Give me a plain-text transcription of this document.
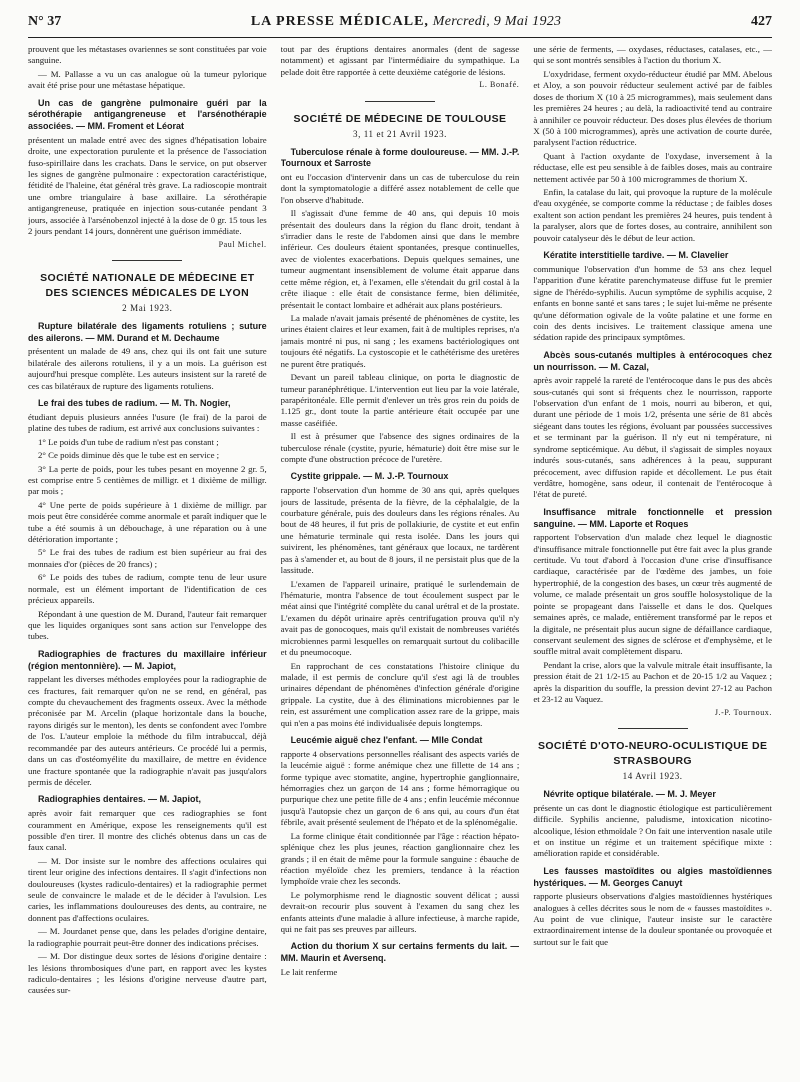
N° 37	LA PRESSE MÉDICALE, Mercredi, 9 Mai 1923	427

prouvent que les métastases ovariennes se sont constituées par voie sanguine.

— M. Pallasse a vu un cas analogue où la tumeur pylorique avait été prise pour une métastase hépatique.

Un cas de gangrène pulmonaire guéri par la sérothérapie antigangreneuse et l'arsénothérapie associées. — MM. Froment et Léorat

présentent un malade entré avec des signes d'hépatisation lobaire droite, une expectoration purulente et la présence de l'association fuso-spirillaire dans les crachats. Dans le service, on put observer les signes de gangrène pulmonaire : expectoration caractéristique, fétidité de l'haleine, état général très grave. La radioscopie montrait une ombre triangulaire à base axillaire. La sérothérapie antigangreneuse, pratiquée en injection sous-cutanée pendant 3 jours, associée à l'arsénobenzol injecté à la dose de 0 gr. 15 tous les 2 jours pendant 14 jours, donnèrent une guérison immédiate.

Paul Michel.

SOCIÉTÉ NATIONALE DE MÉDECINE ET DES SCIENCES MÉDICALES DE LYON
2 Mai 1923.

Rupture bilatérale des ligaments rotuliens ; suture des ailerons. — MM. Durand et M. Dechaume

présentent un malade de 49 ans, chez qui ils ont fait une suture bilatérale des ailerons rotuliens, il y a un mois. La guérison est aujourd'hui presque complète. Les auteurs insistent sur la rareté de ces cas bilatéraux de rupture des ligaments rotuliens.

Le frai des tubes de radium. — M. Th. Nogier,

étudiant depuis plusieurs années l'usure (le frai) de la paroi de platine des tubes de radium, est arrivé aux conclusions suivantes :

1° Le poids d'un tube de radium n'est pas constant ;

2° Ce poids diminue dès que le tube est en service ;

3° La perte de poids, pour les tubes pesant en moyenne 2 gr. 5, est comprise entre 5 centièmes de milligr. et 1 dixième de milligr. par mois ;

4° Une perte de poids supérieure à 1 dixième de milligr. par mois peut être considérée comme anormale et paraît indiquer que le tube a été soumis à un débouchage, à une réparation ou à une détérioration importante ;

5° Le frai des tubes de radium est bien supérieur au frai des monnaies d'or (pièces de 20 francs) ;

6° Le poids des tubes de radium, compte tenu de leur usure normale, est un élément important de l'identification de ces précieux appareils.

Répondant à une question de M. Durand, l'auteur fait remarquer que les liquides organiques sont sans action sur l'enveloppe des tubes.

Radiographies de fractures du maxillaire inférieur (région mentonnière). — M. Japiot,

rappelant les diverses méthodes employées pour la radiographie de ces fractures, fait remarquer qu'on ne se rend, en général, pas compte du chevauchement des fragments osseux. Avec la méthode préconisée par M. Arcelin (plaque horizontale dans la bouche, rayons dirigés sur le menton), les dents se confondent avec l'ombre de l'os. L'auteur emploie la méthode du film intrabuccal, déjà recommandée par des auteurs antérieurs. Ce procédé lui a permis, dans un cas d'ostéomyélite du maxillaire, de mettre en évidence une fracture spontanée que la radiographie n'avait pas jusqu'alors permis de déceler.

Radiographies dentaires. — M. Japiot,

après avoir fait remarquer que ces radiographies se font couramment en Amérique, expose les renseignements qu'il est possible d'en tirer. Il montre des clichés obtenus dans un cas de faux canal.

— M. Dor insiste sur le nombre des affections oculaires qui tirent leur origine des infections dentaires. Il s'agit d'infections non douloureuses (kystes radiculo-dentaires) et la radiographie permet seule de convaincre le malade et de le décider à l'avulsion. Les caries, les inflammations douloureuses des dents, au contraire, ne donnent pas d'affections oculaires.

— M. Jourdanet pense que, dans les pelades d'origine dentaire, la radiographie pourrait peut-être donner des indications précises.

— M. Dor distingue deux sortes de lésions d'origine dentaire : les lésions thrombosiques d'une part, en rapport avec les kystes radiculo-dentaires ; les lésions d'origine nerveuse d'autre part, causées sur-

tout par des éruptions dentaires anormales (dent de sagesse notamment) et agissant par l'intermédiaire du sympathique. La pelade doit être rapportée à cette deuxième catégorie de lésions.

L. Bonafé.

SOCIÉTÉ DE MÉDECINE DE TOULOUSE
3, 11 et 21 Avril 1923.

Tuberculose rénale à forme douloureuse. — MM. J.-P. Tournoux et Sarroste

ont eu l'occasion d'intervenir dans un cas de tuberculose du rein dont la symptomatologie a différé assez notablement de celle que l'on observe d'habitude.

Il s'agissait d'une femme de 40 ans, qui depuis 10 mois présentait des douleurs dans la région du flanc droit, tendant à s'irradier dans le reste de l'abdomen ainsi que dans le membre inférieur. Ces douleurs étaient spontanées, presque continuelles, avec de violentes exacerbations. Depuis quelques semaines, une tumeur augmentant insensiblement de volume était apparue dans cette même région, et, à l'examen, elle s'étendait du gril costal à la crête iliaque : elle était de consistance ferme, bien délimitée, présentait le contact lombaire et adhérait aux plans postérieurs.

La malade n'avait jamais présenté de phénomènes de cystite, les urines étaient claires et leur examen, fait à de multiples reprises, n'a jamais montré ni pus, ni sang ; les examens bactériologiques ont toujours été négatifs. La cystoscopie et le cathétérisme des uretères ne purent être pratiqués.

Devant un pareil tableau clinique, on porta le diagnostic de tumeur paranéphrétique. L'intervention eut lieu par la voie latérale, parapéritonéale. Elle permit d'enlever un très gros rein du poids de 1.125 gr., dont toute la partie antérieure était occupée par une masse caséifiée.

Il est à présumer que l'absence des signes ordinaires de la tuberculose rénale (cystite, pyurie, hématurie) doit être mise sur le compte d'une obstruction précoce de l'uretère.

Cystite grippale. — M. J.-P. Tournoux

rapporte l'observation d'un homme de 30 ans qui, après quelques jours de lassitude, présenta de la fièvre, de la céphalalgie, de la courbature générale, puis des douleurs dans les régions rénales. Au bout de 48 heures, il fut pris de pollakiurie, de cystite et eut enfin une hématurie terminale qui resta isolée. Dans les jours qui suivirent, les phénomènes, tant généraux que locaux, ne tardèrent pas à s'amender et, au bout de 8 jours, il ne persistait plus que de la lassitude.

L'examen de l'appareil urinaire, pratiqué le surlendemain de l'hématurie, montra l'absence de tout écoulement suspect par le méat ainsi que l'intégrité complète du canal urétral et de la prostate. L'examen du dépôt urinaire après centrifugation prouva qu'il n'y avait pas de gonocoques, mais qu'il existait de nombreuses variétés microbiennes parmi lesquelles on remarquait surtout du colibacille et du pneumocoque.

En rapprochant de ces constatations l'histoire clinique du malade, il est permis de conclure qu'il s'est agi là de troubles urinaires dépendant de phénomènes d'infection générale d'origine grippale. La cystite, due à des éliminations microbiennes par le rein, est assurément une complication assez rare de la grippe, mais qui n'en a pas moins été individualisée depuis longtemps.

Leucémie aiguë chez l'enfant. — Mlle Condat

rapporte 4 observations personnelles réalisant des aspects variés de la leucémie aiguë : forme anémique chez une fillette de 14 ans ; forme typique avec stomatite, angine, hypertrophie ganglionnaire, hémorragies chez un garçon de 14 ans ; forme hémorragique ou purpurique chez une petite fille de 4 ans ; enfin leucémie méconnue jusqu'à l'autopsie chez un garçon de 6 ans qui, au cours d'un état fébrile, avait présenté seulement de l'hépato et de la splénomégalie.

La forme clinique était conditionnée par l'âge : réaction hépato-splénique chez les plus jeunes, réaction ganglionnaire chez les grands ; il en était de même pour la formule sanguine : ébauche de réaction myéloïde chez les premiers, tendance à la réaction lymphoïde vraie chez les seconds.

Le polymorphisme rend le diagnostic souvent délicat ; aussi devrait-on recourir plus souvent à l'examen du sang chez les enfants atteints d'une maladie à allure infectieuse, à marche rapide, qui ne fait pas ses preuves par ailleurs.

Action du thorium X sur certains ferments du lait. — MM. Maurin et Aversenq.

Le lait renferme

une série de ferments, — oxydases, réductases, catalases, etc., — qui se sont montrés sensibles à l'action du thorium X.

L'oxydridase, ferment oxydo-réducteur étudié par MM. Abelous et Aloy, a son pouvoir réducteur seulement activé par de faibles doses de thorium X (10 à 25 microgrammes), mais seulement dans les premières 24 heures ; au delà, la radioactivité tend au contraire à annihiler ce pouvoir réducteur. Des doses plus élevées de thorium X (50 à 100 microgrammes), après une activation de courte durée, paralysent l'action réductrice.

Quant à l'action oxydante de l'oxydase, inversement à la réductase, elle est peu sensible à de faibles doses, mais au contraire nettement activée par 50 à 100 microgrammes de thorium X.

Enfin, la catalase du lait, qui provoque la rupture de la molécule d'eau oxygénée, se comporte comme la réductase ; de faibles doses exaltent son action pendant les premières 24 heures, puis tendent à la paralyser, alors que de fortes doses, au contraire, annihilent son pouvoir catalyseur dès le début de leur action.

Kératite interstitielle tardive. — M. Clavelier

communique l'observation d'un homme de 53 ans chez lequel l'apparition d'une kératite parenchymateuse diffuse fut le premier signe de l'hérédo-syphilis. Aucun symptôme de syphilis acquise, 2 enfants en bonne santé et sans tares ; le sujet lui-même ne présente qu'une déformation ogivale de la voûte palatine et une forme en coin des dents incisives. Le traitement classique amena une sédation rapide des principaux symptômes.

Abcès sous-cutanés multiples à entérocoques chez un nourrisson. — M. Cazal,

après avoir rappelé la rareté de l'entérocoque dans le pus des abcès sous-cutanés qui sont si fréquents chez le nourrisson, rapporte l'observation d'un enfant de 1 mois, nourri au biberon, et qui, durant une période de 1 mois 1/2, présenta une série de 81 abcès siégeant dans toutes les régions, évoluant par poussées successives et se terminant par la guérison. Il n'y eut ni température, ni syndrome septicémique. Au début, il s'agissait de simples noyaux indurés sous-cutanés, sans adhérences à la peau, suppurant précocement, avec diffusion rapide et décollement. Le pus était verdâtre, homogène, sans odeur, il contenait de l'entérocoque à l'état de pureté.

Insuffisance mitrale fonctionnelle et pression sanguine. — MM. Laporte et Roques

rapportent l'observation d'un malade chez lequel le diagnostic d'insuffisance mitrale fonctionnelle put être fait avec la plus grande certitude. Vu tout d'abord à l'occasion d'une crise d'insuffisance cardiaque, caractérisée par de l'œdème des jambes, un foie hypertrophié, de la congestion des bases, un cœur très augmenté de volume, ce malade présentait un gros souffle holosystolique de la pointe se propageant dans l'aisselle et dans le dos. Quelques semaines après, ce malade, entièrement transformé par le repos et la digitale, ne présentait plus aucun signe de défaillance cardiaque, conservant seulement des signes de sclérose et d'emphysème, et le souffle mitral avait complètement disparu.

Pendant la crise, alors que la valvule mitrale était insuffisante, la pression était de 21 1/2-15 au Pachon et de 20-15 1/2 au Vaquez ; après la disparition du souffle, la pression devint 27-12 au Pachon et 23-12 au Vaquez.

J.-P. Tournoux.

SOCIÉTÉ D'OTO-NEURO-OCULISTIQUE DE STRASBOURG
14 Avril 1923.

Névrite optique bilatérale. — M. J. Meyer

présente un cas dont le diagnostic étiologique est particulièrement difficile. Syphilis ancienne, paludisme, intoxication nicotino-alcoolique, lésion ethmoïdale ? On fait une intervention nasale utile et on institue un régime et un traitement spécifique mixte : amélioration rapide et considérable.

Les fausses mastoïdites ou algies mastoïdiennes hystériques. — M. Georges Canuyt

rapporte plusieurs observations d'algies mastoïdiennes hystériques analogues à celles décrites sous le nom de « fausses mastoïdites ». Au point de vue clinique, l'auteur insiste sur le caractère extraordinairement intense de la douleur spontanée ou provoquée et surtout sur le fait que
